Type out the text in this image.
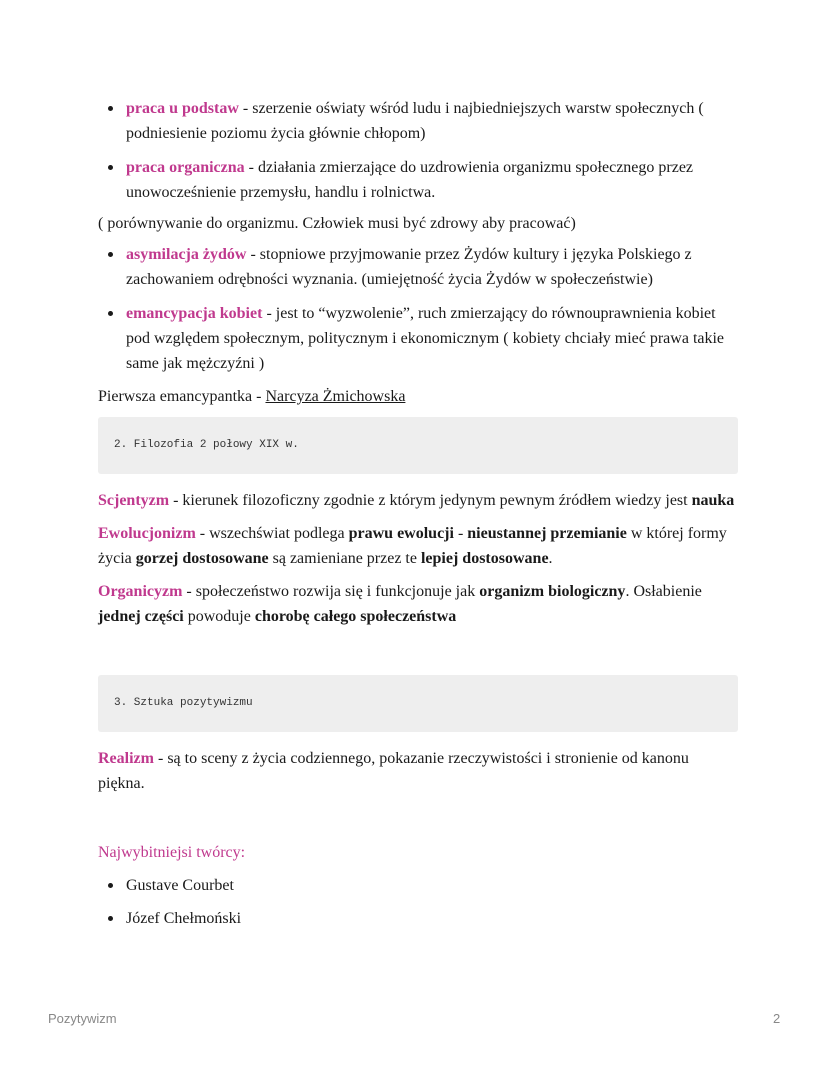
praca u podstaw - szerzenie oświaty wśród ludu i najbiedniejszych warstw społecznych ( podniesienie poziomu życia głównie chłopom)
praca organiczna - działania zmierzające do uzdrowienia organizmu społecznego przez unowocześnienie przemysłu, handlu i rolnictwa.

( porównywanie do organizmu. Człowiek musi być zdrowy aby pracować)

asymilacja żydów - stopniowe przyjmowanie przez Żydów kultury i języka Polskiego z zachowaniem odrębności wyznania. (umiejętność życia Żydów w społeczeństwie)
emancypacja kobiet - jest to “wyzwolenie”, ruch zmierzający do równouprawnienia kobiet pod względem społecznym, politycznym i ekonomicznym ( kobiety chciały mieć prawa takie same jak mężczyźni )

Pierwsza emancypantka - Narcyza Żmichowska

2. Filozofia 2 połowy XIX w.

Scjentyzm - kierunek filozoficzny zgodnie z którym jedynym pewnym źródłem wiedzy jest nauka

Ewolucjonizm - wszechświat podlega prawu ewolucji - nieustannej przemianie w której formy życia gorzej dostosowane są zamieniane przez te lepiej dostosowane.

Organicyzm - społeczeństwo rozwija się i funkcjonuje jak organizm biologiczny. Osłabienie jednej części powoduje chorobę całego społeczeństwa

3. Sztuka pozytywizmu

Realizm - są to sceny z życia codziennego, pokazanie rzeczywistości i stronienie od kanonu piękna.

Najwybitniejsi twórcy:

Gustave Courbet
Józef Chełmoński
Pozytywizm	2
